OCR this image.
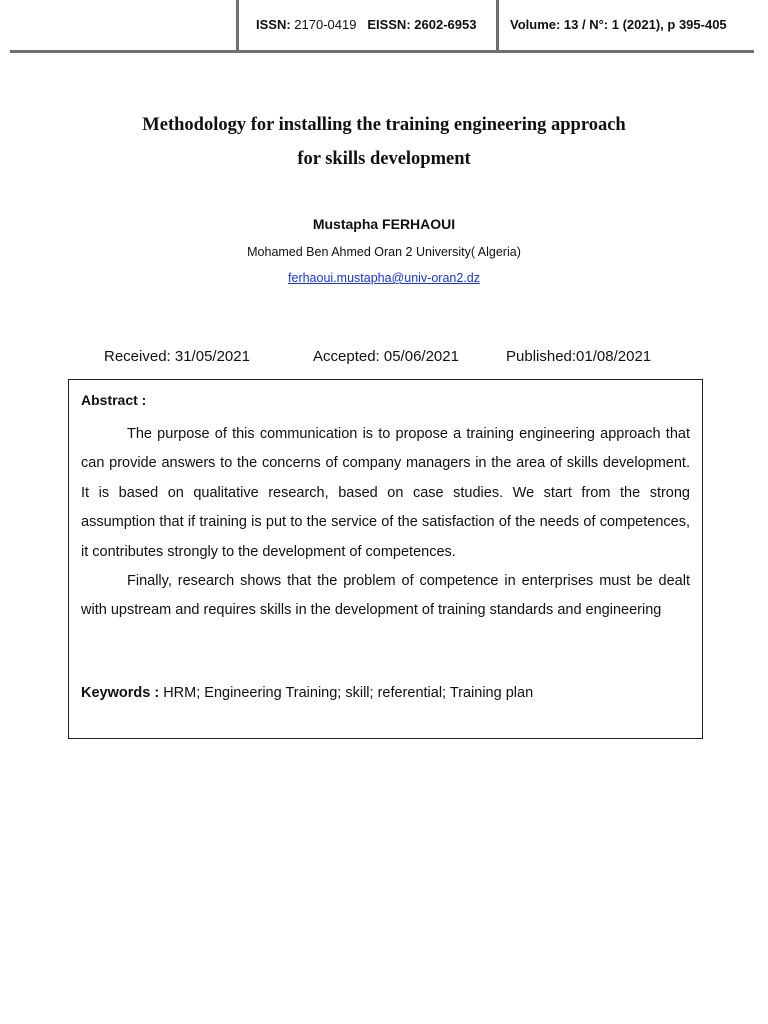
ISSN: 2170-0419 EISSN: 2602-6953	Volume: 13 / N°: 1 (2021), p 395-405
Methodology for installing the training engineering approach
for skills development
Mustapha FERHAOUI
Mohamed Ben Ahmed Oran 2 University( Algeria)
ferhaoui.mustapha@univ-oran2.dz
Received: 31/05/2021	Accepted: 05/06/2021	Published:01/08/2021
Abstract :

The purpose of this communication is to propose a training engineering approach that can provide answers to the concerns of company managers in the area of skills development. It is based on qualitative research, based on case studies. We start from the strong assumption that if training is put to the service of the satisfaction of the needs of competences, it contributes strongly to the development of competences.

Finally, research shows that the problem of competence in enterprises must be dealt with upstream and requires skills in the development of training standards and engineering

Keywords : HRM; Engineering Training; skill; referential; Training plan
